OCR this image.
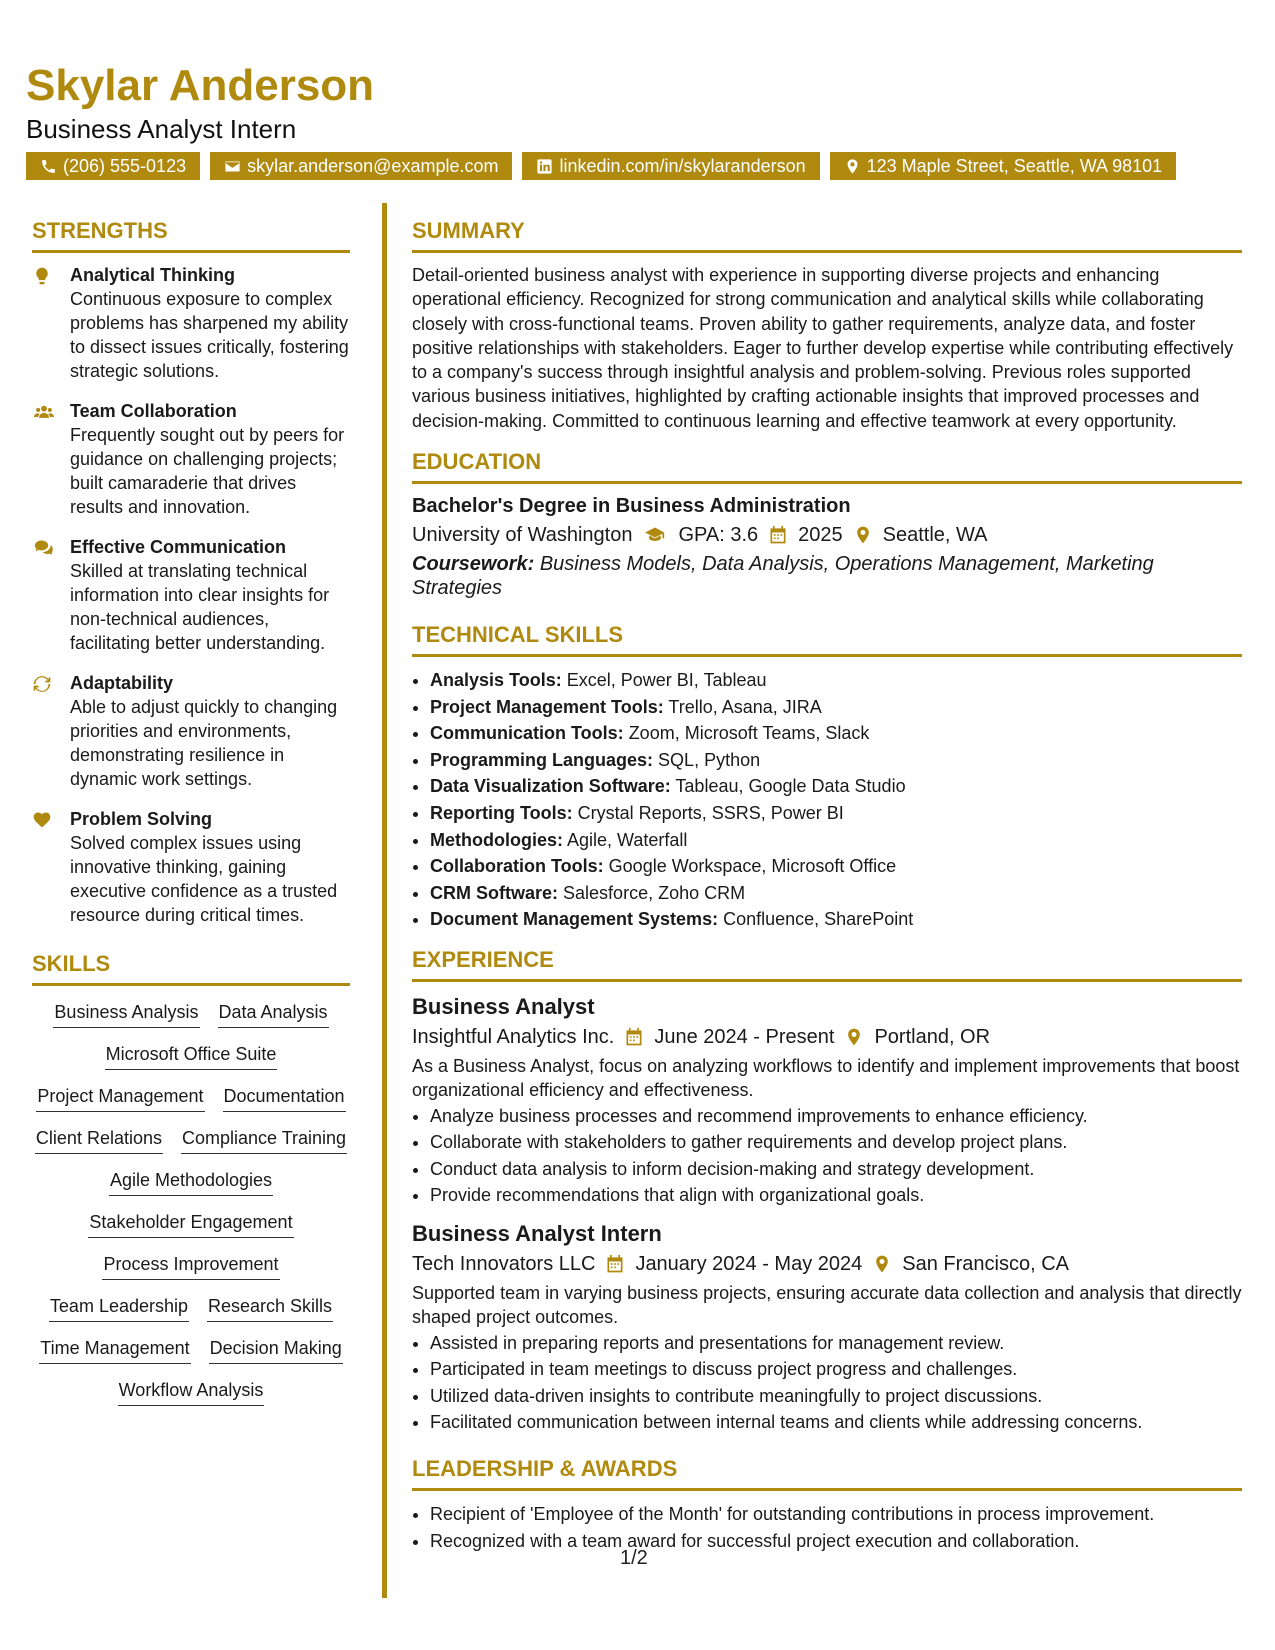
Skylar Anderson
Business Analyst Intern
(206) 555-0123	skylar.anderson@example.com	linkedin.com/in/skylaranderson	123 Maple Street, Seattle, WA 98101
STRENGTHS
Analytical Thinking
Continuous exposure to complex problems has sharpened my ability to dissect issues critically, fostering strategic solutions.
Team Collaboration
Frequently sought out by peers for guidance on challenging projects; built camaraderie that drives results and innovation.
Effective Communication
Skilled at translating technical information into clear insights for non-technical audiences, facilitating better understanding.
Adaptability
Able to adjust quickly to changing priorities and environments, demonstrating resilience in dynamic work settings.
Problem Solving
Solved complex issues using innovative thinking, gaining executive confidence as a trusted resource during critical times.
SKILLS
Business Analysis Data Analysis
Microsoft Office Suite
Project Management Documentation
Client Relations Compliance Training
Agile Methodologies
Stakeholder Engagement
Process Improvement
Team Leadership Research Skills
Time Management Decision Making
Workflow Analysis
SUMMARY
Detail-oriented business analyst with experience in supporting diverse projects and enhancing operational efficiency. Recognized for strong communication and analytical skills while collaborating closely with cross-functional teams. Proven ability to gather requirements, analyze data, and foster positive relationships with stakeholders. Eager to further develop expertise while contributing effectively to a company's success through insightful analysis and problem-solving. Previous roles supported various business initiatives, highlighted by crafting actionable insights that improved processes and decision-making. Committed to continuous learning and effective teamwork at every opportunity.
EDUCATION
Bachelor's Degree in Business Administration
University of Washington GPA: 3.6 2025 Seattle, WA
Coursework: Business Models, Data Analysis, Operations Management, Marketing Strategies
TECHNICAL SKILLS
• Analysis Tools: Excel, Power BI, Tableau
• Project Management Tools: Trello, Asana, JIRA
• Communication Tools: Zoom, Microsoft Teams, Slack
• Programming Languages: SQL, Python
• Data Visualization Software: Tableau, Google Data Studio
• Reporting Tools: Crystal Reports, SSRS, Power BI
• Methodologies: Agile, Waterfall
• Collaboration Tools: Google Workspace, Microsoft Office
• CRM Software: Salesforce, Zoho CRM
• Document Management Systems: Confluence, SharePoint
EXPERIENCE
Business Analyst
Insightful Analytics Inc. June 2024 - Present Portland, OR
As a Business Analyst, focus on analyzing workflows to identify and implement improvements that boost organizational efficiency and effectiveness.
• Analyze business processes and recommend improvements to enhance efficiency.
• Collaborate with stakeholders to gather requirements and develop project plans.
• Conduct data analysis to inform decision-making and strategy development.
• Provide recommendations that align with organizational goals.
Business Analyst Intern
Tech Innovators LLC January 2024 - May 2024 San Francisco, CA
Supported team in varying business projects, ensuring accurate data collection and analysis that directly shaped project outcomes.
• Assisted in preparing reports and presentations for management review.
• Participated in team meetings to discuss project progress and challenges.
• Utilized data-driven insights to contribute meaningfully to project discussions.
• Facilitated communication between internal teams and clients while addressing concerns.
LEADERSHIP & AWARDS
• Recipient of 'Employee of the Month' for outstanding contributions in process improvement.
• Recognized with a team award for successful project execution and collaboration.
1/2
